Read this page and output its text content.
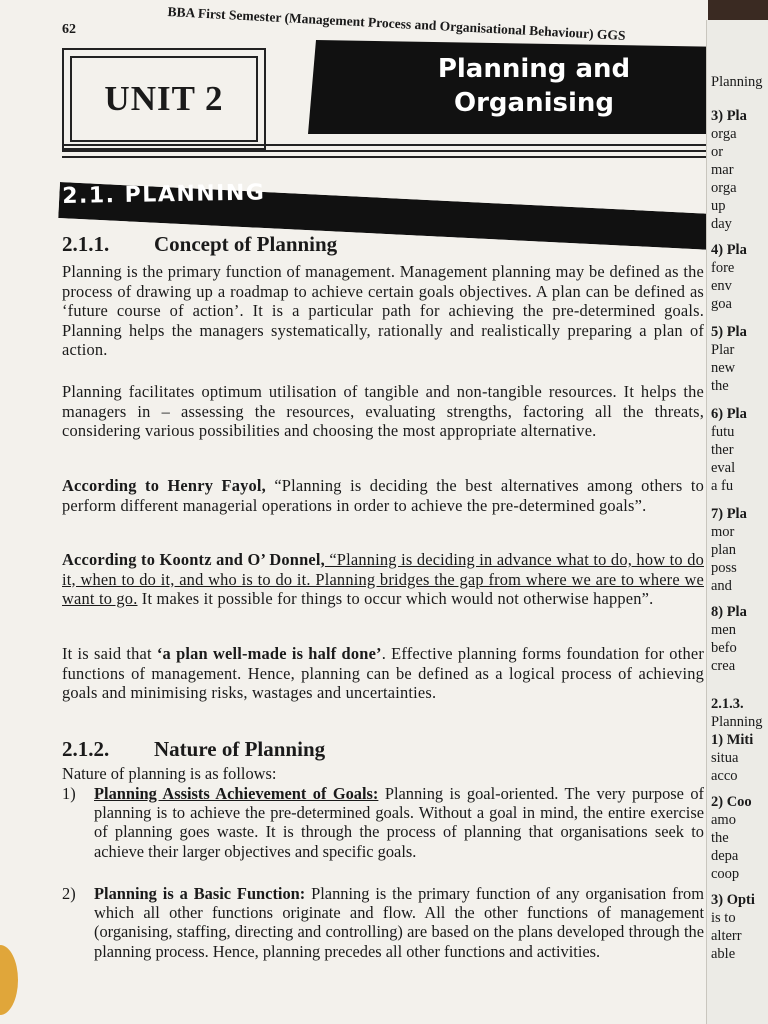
62	BBA First Semester (Management Process and Organisational Behaviour) GGS
UNIT 2
Planning and
Organising
2.1. PLANNING
2.1.1. Concept of Planning
Planning is the primary function of management. Management planning may be defined as the process of drawing up a roadmap to achieve certain goals objectives. A plan can be defined as ‘future course of action’. It is a particular path for achieving the pre-determined goals. Planning helps the managers systematically, rationally and realistically preparing a plan of action.
Planning facilitates optimum utilisation of tangible and non-tangible resources. It helps the managers in – assessing the resources, evaluating strengths, factoring all the threats, considering various possibilities and choosing the most appropriate alternative.
According to Henry Fayol, “Planning is deciding the best alternatives among others to perform different managerial operations in order to achieve the pre-determined goals”.
According to Koontz and O’ Donnel, “Planning is deciding in advance what to do, how to do it, when to do it, and who is to do it. Planning bridges the gap from where we are to where we want to go. It makes it possible for things to occur which would not otherwise happen”.
It is said that ‘a plan well-made is half done’. Effective planning forms foundation for other functions of management. Hence, planning can be defined as a logical process of achieving goals and minimising risks, wastages and uncertainties.
2.1.2. Nature of Planning
Nature of planning is as follows:
1) Planning Assists Achievement of Goals: Planning is goal-oriented. The very purpose of planning is to achieve the pre-determined goals. Without a goal in mind, the entire exercise of planning goes waste. It is through the process of planning that organisations seek to achieve their larger objectives and specific goals.
2) Planning is a Basic Function: Planning is the primary function of any organisation from which all other functions originate and flow. All the other functions of management (organising, staffing, directing and controlling) are based on the plans developed through the planning process. Hence, planning precedes all other functions and activities.
Planning
3) Pla
orga
or
mar
orga
up
day
4) Pla
fore
env
goa
5) Pla
Plar
new
the
6) Pla
futu
ther
eval
a fu
7) Pla
mor
plan
poss
and
8) Pla
men
befo
crea
2.1.3.
Planning
1) Miti
situa
acco
2) Coo
amo
the
depa
coop
3) Opti
is to
alterr
able
